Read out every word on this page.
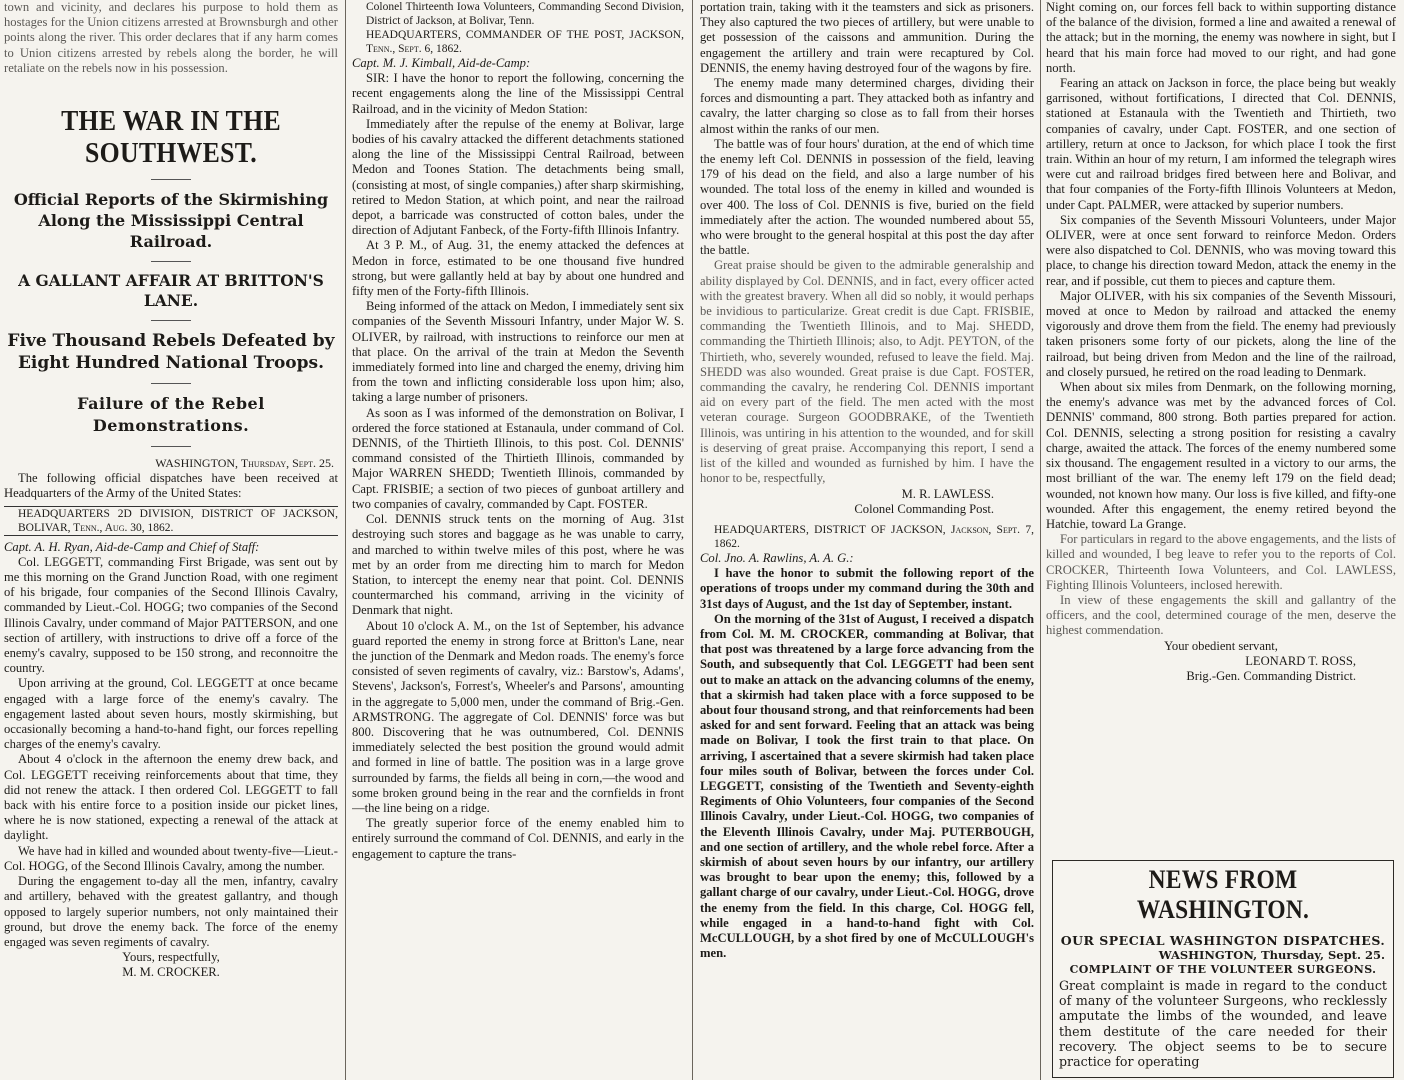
town and vicinity, and declares his purpose to hold them as hostages for the Union citizens arrested at Brownsburgh and other points along the river. This order declares that if any harm comes to Union citizens arrested by rebels along the border, he will retaliate on the rebels now in his possession.

THE WAR IN THE SOUTHWEST.
Official Reports of the Skirmishing Along the Mississippi Central Railroad.
A GALLANT AFFAIR AT BRITTON'S LANE.
Five Thousand Rebels Defeated by Eight Hundred National Troops.
Failure of the Rebel Demonstrations.
WASHINGTON, Thursday, Sept. 25.

The following official dispatches have been received at Headquarters of the Army of the United States:

HEADQUARTERS 2D DIVISION, DISTRICT OF JACKSON, BOLIVAR, Tenn., Aug. 30, 1862.
Capt. A. H. Ryan, Aid-de-Camp and Chief of Staff:

Col. LEGGETT, commanding First Brigade, was sent out by me this morning on the Grand Junction Road, with one regiment of his brigade, four companies of the Second Illinois Cavalry, commanded by Lieut.-Col. HOGG; two companies of the Second Illinois Cavalry, under command of Major PATTERSON, and one section of artillery, with instructions to drive off a force of the enemy's cavalry, supposed to be 150 strong, and reconnoitre the country.

Upon arriving at the ground, Col. LEGGETT at once became engaged with a large force of the enemy's cavalry. The engagement lasted about seven hours, mostly skirmishing, but occasionally becoming a hand-to-hand fight, our forces repelling charges of the enemy's cavalry.

About 4 o'clock in the afternoon the enemy drew back, and Col. LEGGETT receiving reinforcements about that time, they did not renew the attack. I then ordered Col. LEGGETT to fall back with his entire force to a position inside our picket lines, where he is now stationed, expecting a renewal of the attack at daylight.

We have had in killed and wounded about twenty-five—Lieut.-Col. HOGG, of the Second Illinois Cavalry, among the number.

During the engagement to-day all the men, infantry, cavalry and artillery, behaved with the greatest gallantry, and though opposed to largely superior numbers, not only maintained their ground, but drove the enemy back. The force of the enemy engaged was seven regiments of cavalry.

Yours, respectfully,
M. M. CROCKER.
Colonel Thirteenth Iowa Volunteers, Commanding Second Division, District of Jackson, at Bolivar, Tenn.
HEADQUARTERS, COMMANDER OF THE POST, JACKSON, Tenn., Sept. 6, 1862.
Capt. M. J. Kimball, Aid-de-Camp:

SIR: I have the honor to report the following, concerning the recent engagements along the line of the Mississippi Central Railroad, and in the vicinity of Medon Station:

Immediately after the repulse of the enemy at Bolivar, large bodies of his cavalry attacked the different detachments stationed along the line of the Mississippi Central Railroad, between Medon and Toones Station. The detachments being small, (consisting at most, of single companies,) after sharp skirmishing, retired to Medon Station, at which point, and near the railroad depot, a barricade was constructed of cotton bales, under the direction of Adjutant Fanbeck, of the Forty-fifth Illinois Infantry.

At 3 P. M., of Aug. 31, the enemy attacked the defences at Medon in force, estimated to be one thousand five hundred strong, but were gallantly held at bay by about one hundred and fifty men of the Forty-fifth Illinois.

Being informed of the attack on Medon, I immediately sent six companies of the Seventh Missouri Infantry, under Major W. S. OLIVER, by railroad, with instructions to reinforce our men at that place. On the arrival of the train at Medon the Seventh immediately formed into line and charged the enemy, driving him from the town and inflicting considerable loss upon him; also, taking a large number of prisoners.

As soon as I was informed of the demonstration on Bolivar, I ordered the force stationed at Estanaula, under command of Col. DENNIS, of the Thirtieth Illinois, to this post. Col. DENNIS' command consisted of the Thirtieth Illinois, commanded by Major WARREN SHEDD; Twentieth Illinois, commanded by Capt. FRISBIE; a section of two pieces of gunboat artillery and two companies of cavalry, commanded by Capt. FOSTER.

Col. DENNIS struck tents on the morning of Aug. 31st destroying such stores and baggage as he was unable to carry, and marched to within twelve miles of this post, where he was met by an order from me directing him to march for Medon Station, to intercept the enemy near that point. Col. DENNIS countermarched his command, arriving in the vicinity of Denmark that night.

About 10 o'clock A. M., on the 1st of September, his advance guard reported the enemy in strong force at Britton's Lane, near the junction of the Denmark and Medon roads. The enemy's force consisted of seven regiments of cavalry, viz.: Barstow's, Adams', Stevens', Jackson's, Forrest's, Wheeler's and Parsons', amounting in the aggregate to 5,000 men, under the command of Brig.-Gen. ARMSTRONG. The aggregate of Col. DENNIS' force was but 800. Discovering that he was outnumbered, Col. DENNIS immediately selected the best position the ground would admit and formed in line of battle. The position was in a large grove surrounded by farms, the fields all being in corn,—the wood and some broken ground being in the rear and the cornfields in front—the line being on a ridge.

The greatly superior force of the enemy enabled him to entirely surround the command of Col. DENNIS, and early in the engagement to capture the trans-

portation train, taking with it the teamsters and sick as prisoners. They also captured the two pieces of artillery, but were unable to get possession of the caissons and ammunition. During the engagement the artillery and train were recaptured by Col. DENNIS, the enemy having destroyed four of the wagons by fire.

The enemy made many determined charges, dividing their forces and dismounting a part. They attacked both as infantry and cavalry, the latter charging so close as to fall from their horses almost within the ranks of our men.

The battle was of four hours' duration, at the end of which time the enemy left Col. DENNIS in possession of the field, leaving 179 of his dead on the field, and also a large number of his wounded. The total loss of the enemy in killed and wounded is over 400. The loss of Col. DENNIS is five, buried on the field immediately after the action. The wounded numbered about 55, who were brought to the general hospital at this post the day after the battle.

Great praise should be given to the admirable generalship and ability displayed by Col. DENNIS, and in fact, every officer acted with the greatest bravery. When all did so nobly, it would perhaps be invidious to particularize. Great credit is due Capt. FRISBIE, commanding the Twentieth Illinois, and to Maj. SHEDD, commanding the Thirtieth Illinois; also, to Adjt. PEYTON, of the Thirtieth, who, severely wounded, refused to leave the field. Maj. SHEDD was also wounded. Great praise is due Capt. FOSTER, commanding the cavalry, he rendering Col. DENNIS important aid on every part of the field. The men acted with the most veteran courage. Surgeon GOODBRAKE, of the Twentieth Illinois, was untiring in his attention to the wounded, and for skill is deserving of great praise. Accompanying this report, I send a list of the killed and wounded as furnished by him. I have the honor to be, respectfully,

M. R. LAWLESS.
Colonel Commanding Post.
HEADQUARTERS, DISTRICT OF JACKSON, Jackson, Sept. 7, 1862.
Col. Jno. A. Rawlins, A. A. G.:

I have the honor to submit the following report of the operations of troops under my command during the 30th and 31st days of August, and the 1st day of September, instant.

On the morning of the 31st of August, I received a dispatch from Col. M. M. CROCKER, commanding at Bolivar, that that post was threatened by a large force advancing from the South, and subsequently that Col. LEGGETT had been sent out to make an attack on the advancing columns of the enemy, that a skirmish had taken place with a force supposed to be about four thousand strong, and that reinforcements had been asked for and sent forward. Feeling that an attack was being made on Bolivar, I took the first train to that place. On arriving, I ascertained that a severe skirmish had taken place four miles south of Bolivar, between the forces under Col. LEGGETT, consisting of the Twentieth and Seventy-eighth Regiments of Ohio Volunteers, four companies of the Second Illinois Cavalry, under Lieut.-Col. HOGG, two companies of the Eleventh Illinois Cavalry, under Maj. PUTERBOUGH, and one section of artillery, and the whole rebel force. After a skirmish of about seven hours by our infantry, our artillery was brought to bear upon the enemy; this, followed by a gallant charge of our cavalry, under Lieut.-Col. HOGG, drove the enemy from the field. In this charge, Col. HOGG fell, while engaged in a hand-to-hand fight with Col. McCULLOUGH, by a shot fired by one of McCULLOUGH's men.

Night coming on, our forces fell back to within supporting distance of the balance of the division, formed a line and awaited a renewal of the attack; but in the morning, the enemy was nowhere in sight, but I heard that his main force had moved to our right, and had gone north.

Fearing an attack on Jackson in force, the place being but weakly garrisoned, without fortifications, I directed that Col. DENNIS, stationed at Estanaula with the Twentieth and Thirtieth, two companies of cavalry, under Capt. FOSTER, and one section of artillery, return at once to Jackson, for which place I took the first train. Within an hour of my return, I am informed the telegraph wires were cut and railroad bridges fired between here and Bolivar, and that four companies of the Forty-fifth Illinois Volunteers at Medon, under Capt. PALMER, were attacked by superior numbers.

Six companies of the Seventh Missouri Volunteers, under Major OLIVER, were at once sent forward to reinforce Medon. Orders were also dispatched to Col. DENNIS, who was moving toward this place, to change his direction toward Medon, attack the enemy in the rear, and if possible, cut them to pieces and capture them.

Major OLIVER, with his six companies of the Seventh Missouri, moved at once to Medon by railroad and attacked the enemy vigorously and drove them from the field. The enemy had previously taken prisoners some forty of our pickets, along the line of the railroad, but being driven from Medon and the line of the railroad, and closely pursued, he retired on the road leading to Denmark.

When about six miles from Denmark, on the following morning, the enemy's advance was met by the advanced forces of Col. DENNIS' command, 800 strong. Both parties prepared for action. Col. DENNIS, selecting a strong position for resisting a cavalry charge, awaited the attack. The forces of the enemy numbered some six thousand. The engagement resulted in a victory to our arms, the most brilliant of the war. The enemy left 179 on the field dead; wounded, not known how many. Our loss is five killed, and fifty-one wounded. After this engagement, the enemy retired beyond the Hatchie, toward La Grange.

For particulars in regard to the above engagements, and the lists of killed and wounded, I beg leave to refer you to the reports of Col. CROCKER, Thirteenth Iowa Volunteers, and Col. LAWLESS, Fighting Illinois Volunteers, inclosed herewith.

In view of these engagements the skill and gallantry of the officers, and the cool, determined courage of the men, deserve the highest commendation.

Your obedient servant,
LEONARD T. ROSS,
Brig.-Gen. Commanding District.
NEWS FROM WASHINGTON.
OUR SPECIAL WASHINGTON DISPATCHES.
WASHINGTON, Thursday, Sept. 25.
COMPLAINT OF THE VOLUNTEER SURGEONS.
Great complaint is made in regard to the conduct of many of the volunteer Surgeons, who recklessly amputate the limbs of the wounded, and leave them destitute of the care needed for their recovery. The object seems to be to secure practice for operating
